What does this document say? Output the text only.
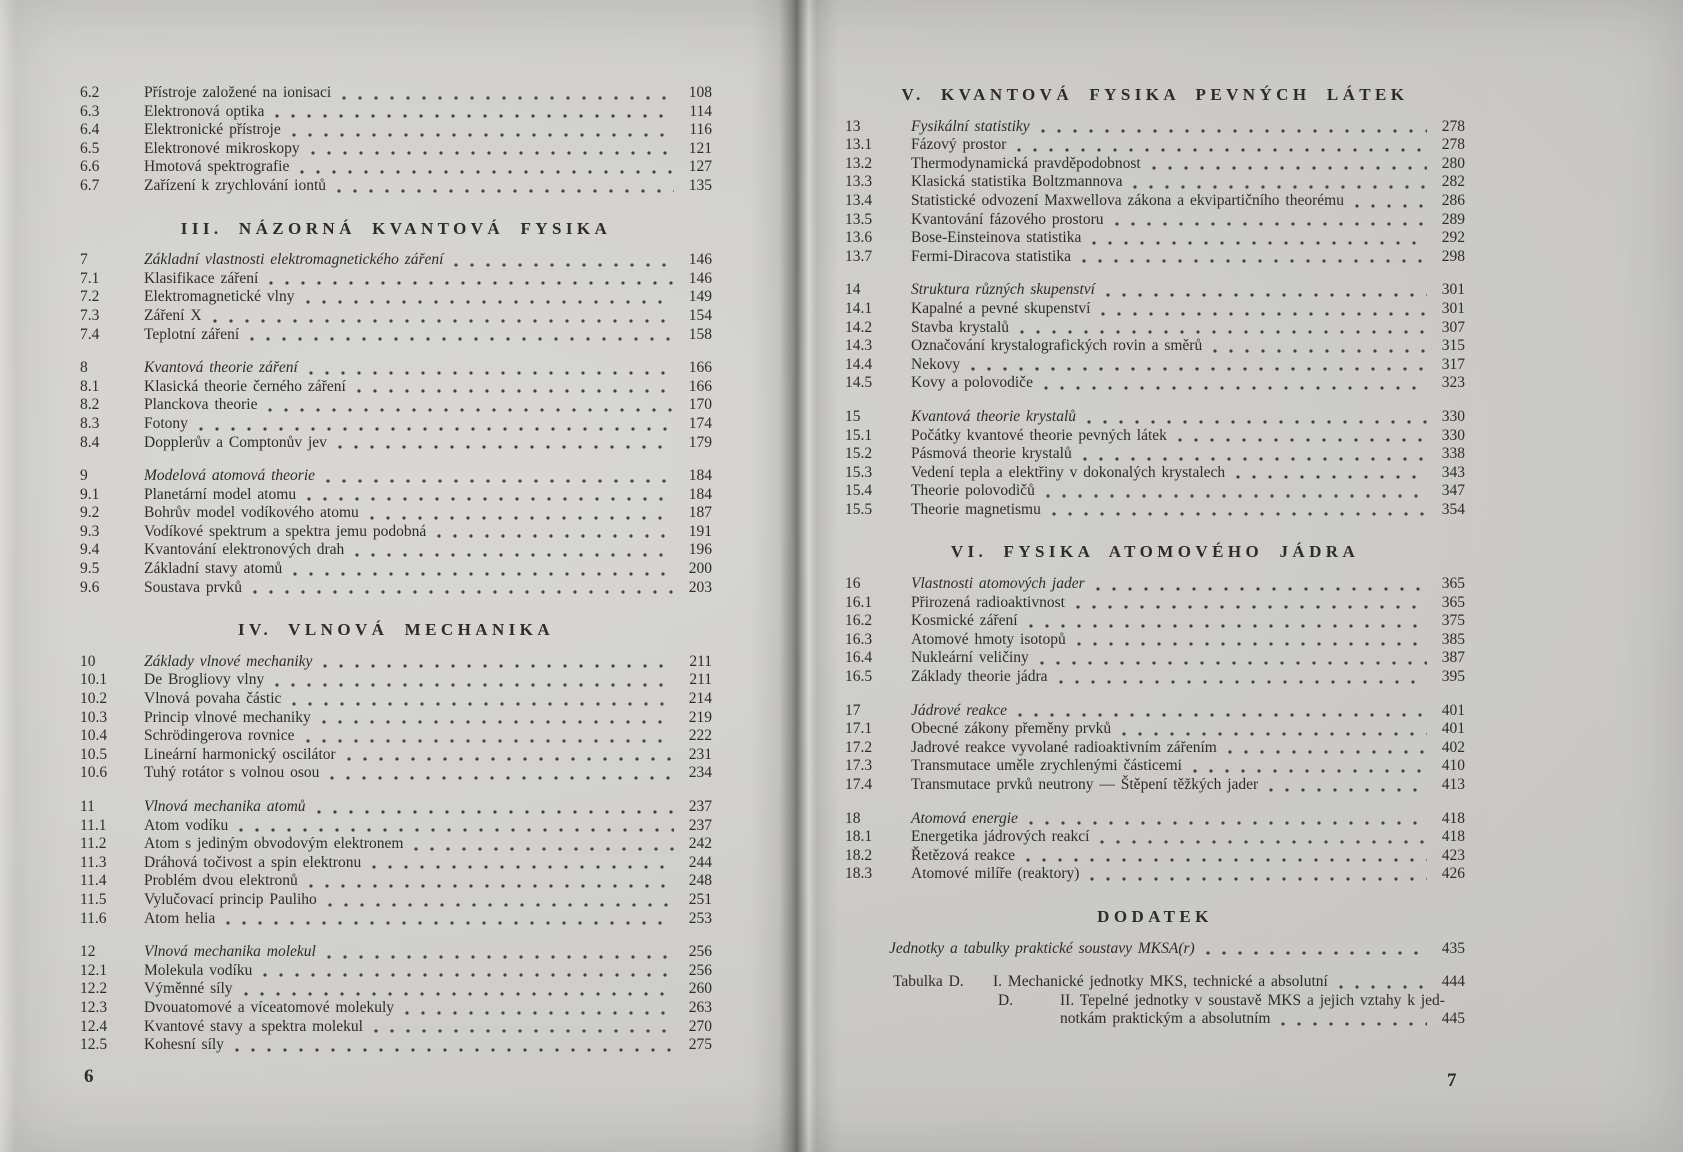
6.2	Přístroje založené na ionisaci	108
6.3	Elektronová optika	114
6.4	Elektronické přístroje	116
6.5	Elektronové mikroskopy	121
6.6	Hmotová spektrografie	127
6.7	Zařízení k zrychlování iontů	135
III. NÁZORNÁ KVANTOVÁ FYSIKA
7	Základní vlastnosti elektromagnetického záření	146
7.1	Klasifikace záření	146
7.2	Elektromagnetické vlny	149
7.3	Záření X	154
7.4	Teplotní záření	158
8	Kvantová theorie záření	166
8.1	Klasická theorie černého záření	166
8.2	Planckova theorie	170
8.3	Fotony	174
8.4	Dopplerův a Comptonův jev	179
9	Modelová atomová theorie	184
9.1	Planetární model atomu	184
9.2	Bohrův model vodíkového atomu	187
9.3	Vodíkové spektrum a spektra jemu podobná	191
9.4	Kvantování elektronových drah	196
9.5	Základní stavy atomů	200
9.6	Soustava prvků	203
IV. VLNOVÁ MECHANIKA
10	Základy vlnové mechaniky	211
10.1	De Brogliovy vlny	211
10.2	Vlnová povaha částic	214
10.3	Princip vlnové mechaniky	219
10.4	Schrödingerova rovnice	222
10.5	Lineární harmonický oscilátor	231
10.6	Tuhý rotátor s volnou osou	234
11	Vlnová mechanika atomů	237
11.1	Atom vodíku	237
11.2	Atom s jediným obvodovým elektronem	242
11.3	Dráhová točivost a spin elektronu	244
11.4	Problém dvou elektronů	248
11.5	Vylučovací princip Pauliho	251
11.6	Atom helia	253
12	Vlnová mechanika molekul	256
12.1	Molekula vodíku	256
12.2	Výměnné síly	260
12.3	Dvouatomové a víceatomové molekuly	263
12.4	Kvantové stavy a spektra molekul	270
12.5	Kohesní síly	275
V. KVANTOVÁ FYSIKA PEVNÝCH LÁTEK
13	Fysikální statistiky	278
13.1	Fázový prostor	278
13.2	Thermodynamická pravděpodobnost	280
13.3	Klasická statistika Boltzmannova	282
13.4	Statistické odvození Maxwellova zákona a ekvipartičního theorému	286
13.5	Kvantování fázového prostoru	289
13.6	Bose-Einsteinova statistika	292
13.7	Fermi-Diracova statistika	298
14	Struktura různých skupenství	301
14.1	Kapalné a pevné skupenství	301
14.2	Stavba krystalů	307
14.3	Označování krystalografických rovin a směrů	315
14.4	Nekovy	317
14.5	Kovy a polovodiče	323
15	Kvantová theorie krystalů	330
15.1	Počátky kvantové theorie pevných látek	330
15.2	Pásmová theorie krystalů	338
15.3	Vedení tepla a elektřiny v dokonalých krystalech	343
15.4	Theorie polovodičů	347
15.5	Theorie magnetismu	354
VI. FYSIKA ATOMOVÉHO JÁDRA
16	Vlastnosti atomových jader	365
16.1	Přirozená radioaktivnost	365
16.2	Kosmické záření	375
16.3	Atomové hmoty isotopů	385
16.4	Nukleární veličiny	387
16.5	Základy theorie jádra	395
17	Jádrové reakce	401
17.1	Obecné zákony přeměny prvků	401
17.2	Jadrové reakce vyvolané radioaktivním zářením	402
17.3	Transmutace uměle zrychlenými částicemi	410
17.4	Transmutace prvků neutrony — Štěpení těžkých jader	413
18	Atomová energie	418
18.1	Energetika jádrových reakcí	418
18.2	Řetězová reakce	423
18.3	Atomové milíře (reaktory)	426
DODATEK
Jednotky a tabulky praktické soustavy MKSA(r)	435
Tabulka D.	I. Mechanické jednotky MKS, technické a absolutní	444
D.	II. Tepelné jednotky v soustavě MKS a jejich vztahy k jed-
notkám praktickým a absolutním	445
6	7
